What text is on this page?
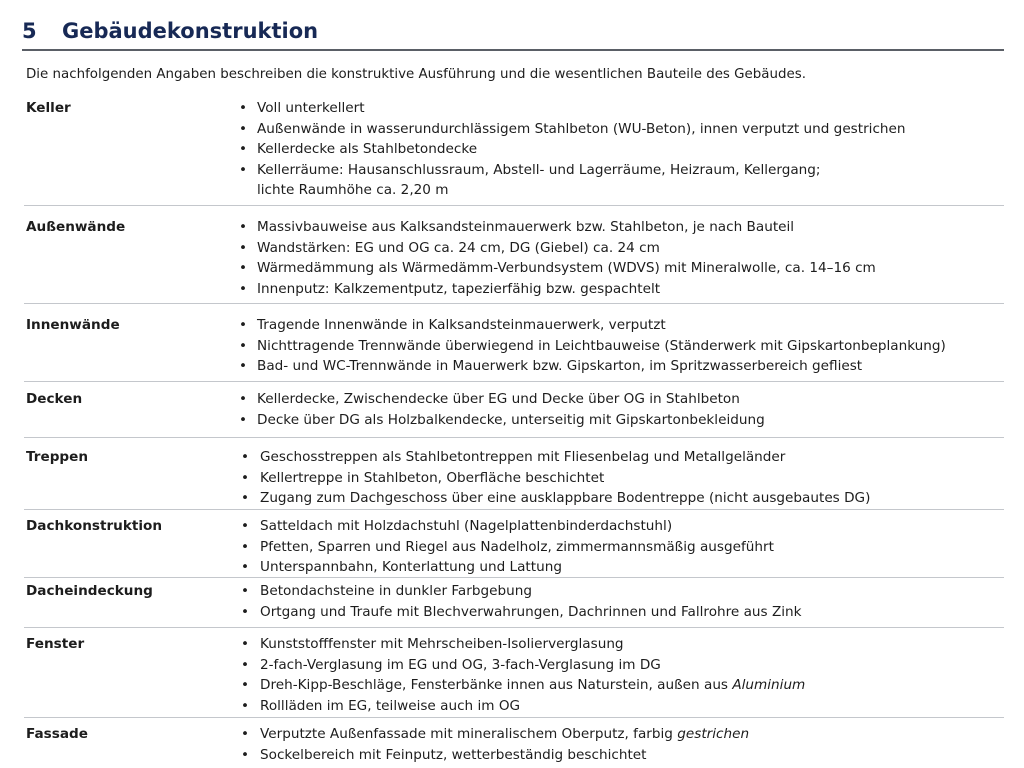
5	Gebäudekonstruktion
Die nachfolgenden Angaben beschreiben die konstruktive Ausführung und die wesentlichen Bauteile des Gebäudes.
Keller	• Voll unterkellert
• Außenwände in wasserundurchlässigem Stahlbeton (WU-Beton), innen verputzt und gestrichen
• Kellerdecke als Stahlbetondecke
• Kellerräume: Hausanschlussraum, Abstell- und Lagerräume, Heizraum, Kellergang;
lichte Raumhöhe ca. 2,20 m
Außenwände	• Massivbauweise aus Kalksandsteinmauerwerk bzw. Stahlbeton, je nach Bauteil
• Wandstärken: EG und OG ca. 24 cm, DG (Giebel) ca. 24 cm
• Wärmedämmung als Wärmedämm-Verbundsystem (WDVS) mit Mineralwolle, ca. 14–16 cm
• Innenputz: Kalkzementputz, tapezierfähig bzw. gespachtelt
Innenwände	• Tragende Innenwände in Kalksandsteinmauerwerk, verputzt
• Nichttragende Trennwände überwiegend in Leichtbauweise (Ständerwerk mit Gipskartonbeplankung)
• Bad- und WC-Trennwände in Mauerwerk bzw. Gipskarton, im Spritzwasserbereich gefliest
Decken	• Kellerdecke, Zwischendecke über EG und Decke über OG in Stahlbeton
• Decke über DG als Holzbalkendecke, unterseitig mit Gipskartonbekleidung
Treppen	• Geschosstreppen als Stahlbetontreppen mit Fliesenbelag und Metallgeländer
• Kellertreppe in Stahlbeton, Oberfläche beschichtet
• Zugang zum Dachgeschoss über eine ausklappbare Bodentreppe (nicht ausgebautes DG)
Dachkonstruktion	• Satteldach mit Holzdachstuhl (Nagelplattenbinderdachstuhl)
• Pfetten, Sparren und Riegel aus Nadelholz, zimmermannsmäßig ausgeführt
• Unterspannbahn, Konterlattung und Lattung
Dacheindeckung	• Betondachsteine in dunkler Farbgebung
• Ortgang und Traufe mit Blechverwahrungen, Dachrinnen und Fallrohre aus Zink
Fenster	• Kunststofffenster mit Mehrscheiben-Isolierverglasung
• 2-fach-Verglasung im EG und OG, 3-fach-Verglasung im DG
• Dreh-Kipp-Beschläge, Fensterbänke innen aus Naturstein, außen aus Aluminium
• Rollläden im EG, teilweise auch im OG
Fassade	• Verputzte Außenfassade mit mineralischem Oberputz, farbig gestrichen
• Sockelbereich mit Feinputz, wetterbeständig beschichtet
